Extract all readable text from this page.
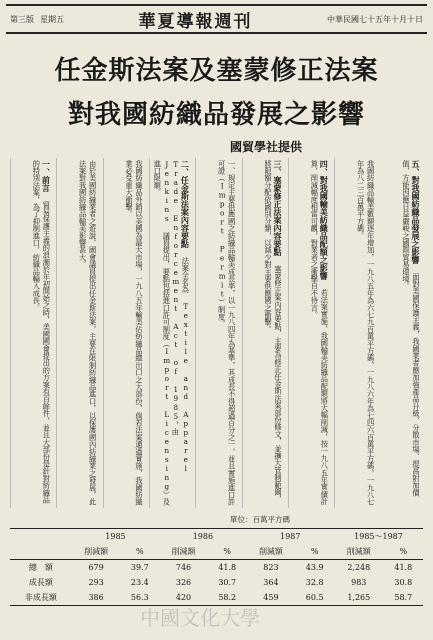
第三版 星期五	華夏導報週刊	中華民國七十五年十月十日
任金斯法案及塞蒙修正法案
對我國紡織品發展之影響
國貿學社提供
一、前言 貿易保護主義的浪潮於年初開始之時，美國國會提出的方案有百餘件，並且大部份是針對紡織品的特別法案，為了抑制進口，紡織品輸入成長。	由於美國紡織業者之遊說，國會議員提出任金斯法案，主要在限制紡織品進口，以保護國內紡織業之發展，此法案對我國紡織品輸美影響甚大。	我國紡織品外銷以美國為最大市場，一九八五年輸美佔紡織品總出口之大部份，倘若法案通過實施，我國紡織業必受重大衝擊。	二、任金斯法案內容要點 法案全名為 Textile and Apparel Trade Enforcement Act of 1985，由 Jenkins 議員提出，要點包括進口許可制度（Import Licensing）及進口限額。	一、規定主要供應國之紡織品輸美成長率，以一九八四年為基準，其成長不得超過百分之一，並且實施進口許可證（Import Permit）制度。	三、塞蒙修正法案內容要點 塞蒙修正案內容要點，主要為修正任金斯法案部份條文，並擴大管制範圍，將限額分配依國別分類，以減少對主要供應國之衝擊。	四、對我國輸美紡織品配額之影響 若法案實施，我國輸美紡織品配額將大幅削減，按一九八五年實績計算，削減幅度相當可觀，對業者之衝擊自不待言。	我國紡織品輸美數額逐年增加，一九八五年為六七九百萬平方碼，一九八六年為七四六百萬平方碼，一九八七年為八二三百萬平方碼。	五、對我國紡織品發展之影響 面對美國保護主義，我國業者應加強產品升級、分散市場、提高附加價值，方能因應日益嚴峻之國際貿易環境。
單位：百萬平方碼
	1985		1986		1987		1985～1987	
	削減額	%	削減額	%	削減額	%	削減額	%
總　額	679	39.7	746	41.8	823	43.9	2,248	41.8
成長額	293	23.4	326	30.7	364	32.8	983	30.8
非成長額	386	56.3	420	58.2	459	60.5	1,265	58.7
中國文化大學
